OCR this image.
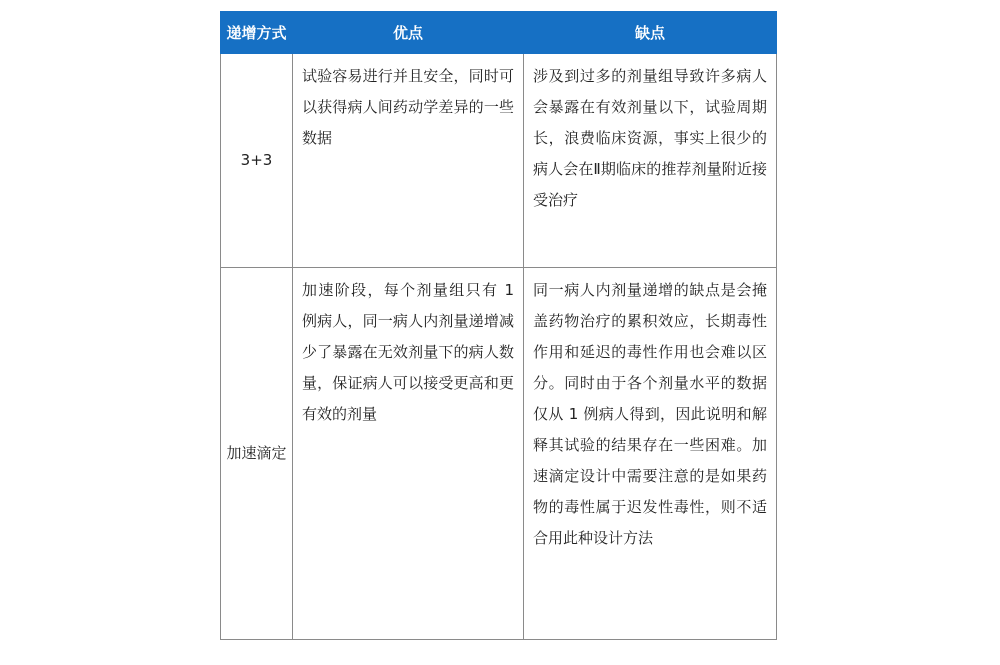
递增方式	优点	缺点
3+3	试验容易进行并且安全，同时可以获得病人间药动学差异的一些数据	涉及到过多的剂量组导致许多病人会暴露在有效剂量以下，试验周期长，浪费临床资源，事实上很少的病人会在Ⅱ期临床的推荐剂量附近接受治疗

加速滴定	加速阶段，每个剂量组只有 1 例病人，同一病人内剂量递增减少了暴露在无效剂量下的病人数量，保证病人可以接受更高和更有效的剂量	同一病人内剂量递增的缺点是会掩盖药物治疗的累积效应，长期毒性作用和延迟的毒性作用也会难以区分。同时由于各个剂量水平的数据仅从 1 例病人得到，因此说明和解释其试验的结果存在一些困难。加速滴定设计中需要注意的是如果药物的毒性属于迟发性毒性，则不适合用此种设计方法
